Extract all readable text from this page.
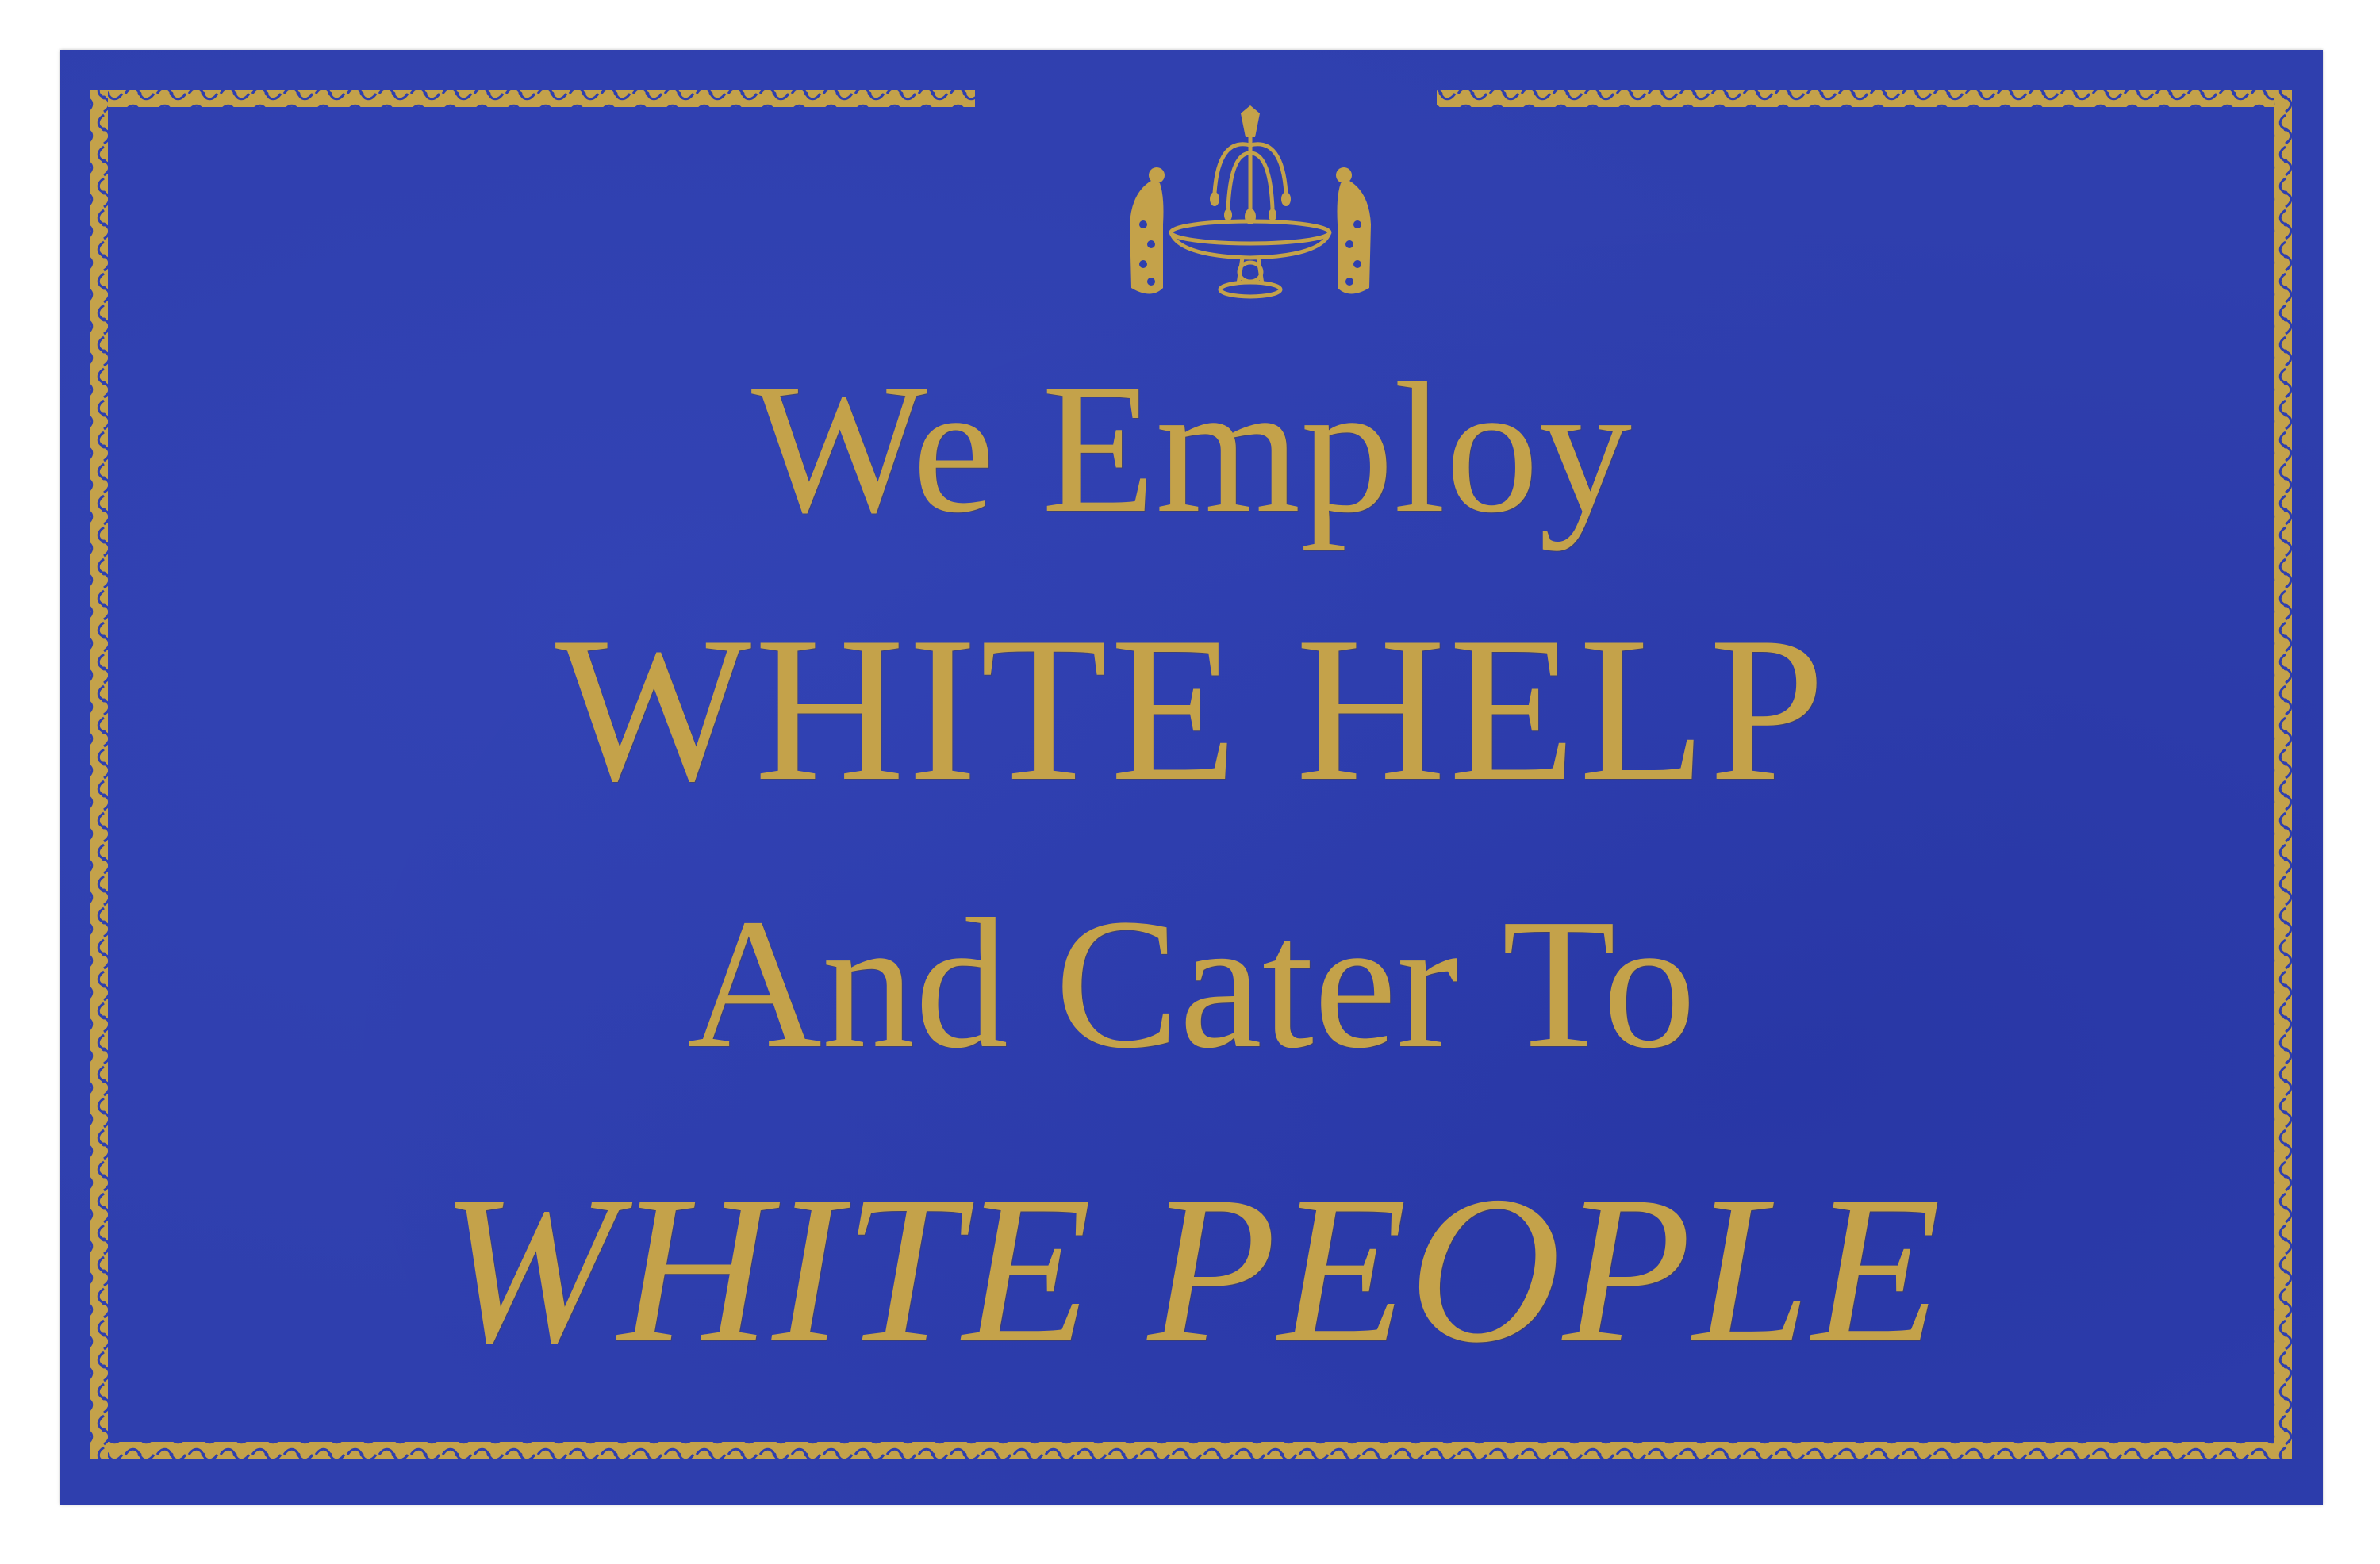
We Employ
WHITE HELP
And Cater To
WHITE PEOPLE
